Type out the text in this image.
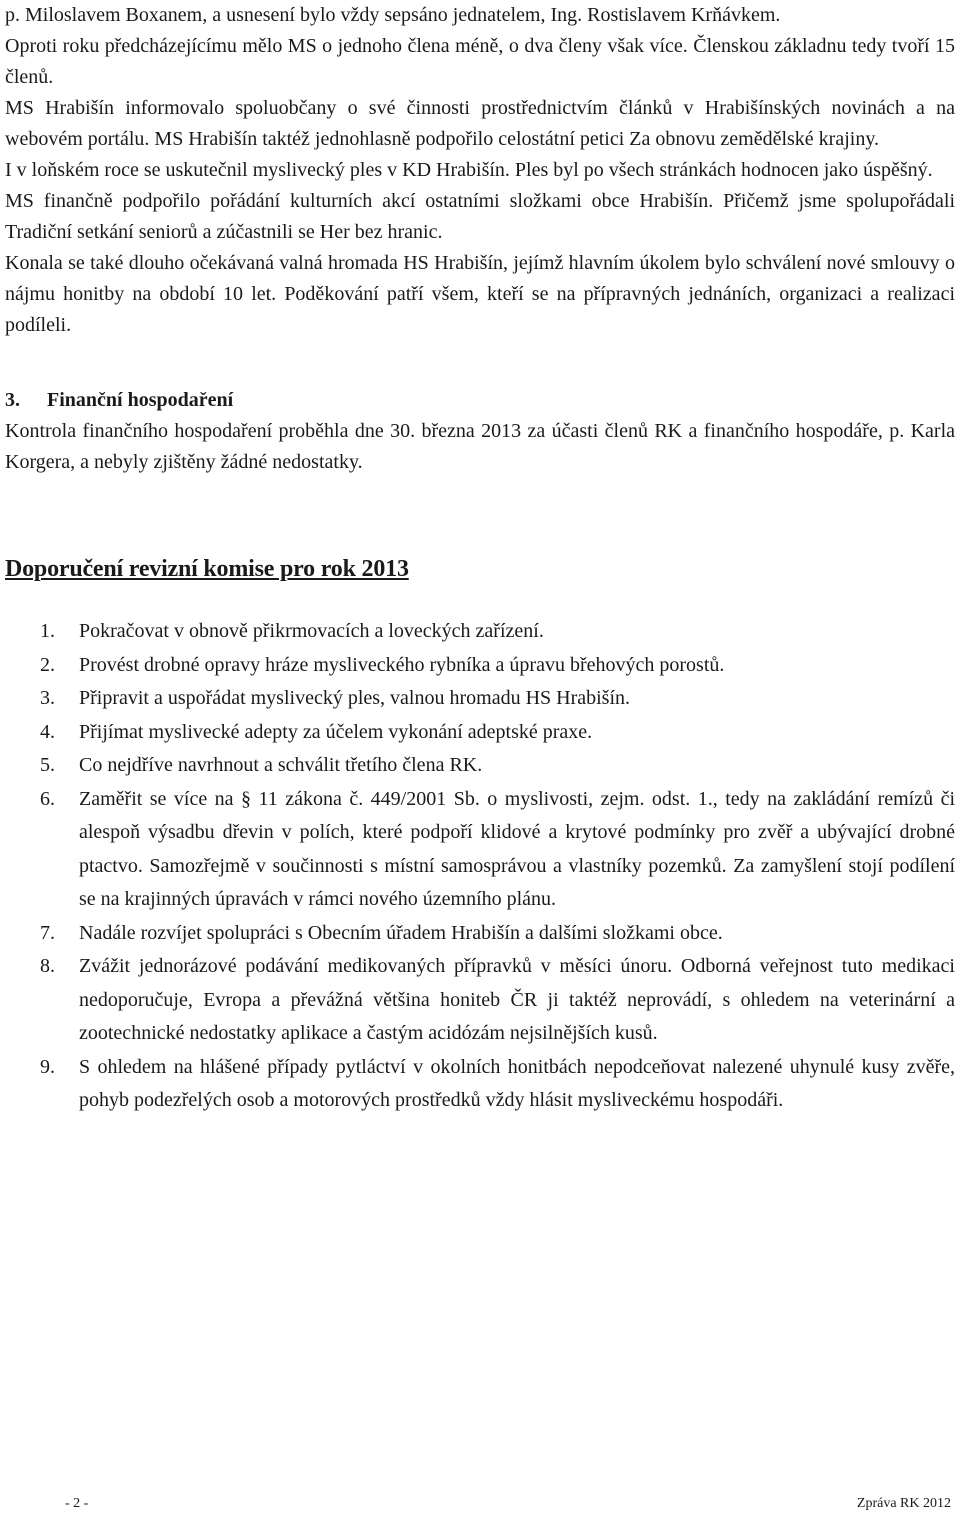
p. Miloslavem Boxanem, a usnesení bylo vždy sepsáno jednatelem, Ing. Rostislavem Krňávkem.

Oproti roku předcházejícímu mělo MS o jednoho člena méně, o dva členy však více. Členskou základnu tedy tvoří 15 členů.

MS Hrabišín informovalo spoluobčany o své činnosti prostřednictvím článků v Hrabišínských novinách a na webovém portálu. MS Hrabišín taktéž jednohlasně podpořilo celostátní petici Za obnovu zemědělské krajiny.

I v loňském roce se uskutečnil myslivecký ples v KD Hrabišín. Ples byl po všech stránkách hodnocen jako úspěšný.

MS finančně podpořilo pořádání kulturních akcí ostatními složkami obce Hrabišín. Přičemž jsme spolupořádali Tradiční setkání seniorů a zúčastnili se Her bez hranic.

Konala se také dlouho očekávaná valná hromada HS Hrabišín, jejímž hlavním úkolem bylo schválení nové smlouvy o nájmu honitby na období 10 let. Poděkování patří všem, kteří se na přípravných jednáních, organizaci a realizaci podíleli.

3. Finanční hospodaření

Kontrola finančního hospodaření proběhla dne 30. března 2013 za účasti členů RK a finančního hospodáře, p. Karla Korgera, a nebyly zjištěny žádné nedostatky.

Doporučení revizní komise pro rok 2013
1. Pokračovat v obnově přikrmovacích a loveckých zařízení.
2. Provést drobné opravy hráze mysliveckého rybníka a úpravu břehových porostů.
3. Připravit a uspořádat myslivecký ples, valnou hromadu HS Hrabišín.
4. Přijímat myslivecké adepty za účelem vykonání adeptské praxe.
5. Co nejdříve navrhnout a schválit třetího člena RK.
6. Zaměřit se více na § 11 zákona č. 449/2001 Sb. o myslivosti, zejm. odst. 1., tedy na zakládání remízů či alespoň výsadbu dřevin v polích, které podpoří klidové a krytové podmínky pro zvěř a ubývající drobné ptactvo. Samozřejmě v součinnosti s místní samosprávou a vlastníky pozemků. Za zamyšlení stojí podílení se na krajinných úpravách v rámci nového územního plánu.
7. Nadále rozvíjet spolupráci s Obecním úřadem Hrabišín a dalšími složkami obce.
8. Zvážit jednorázové podávání medikovaných přípravků v měsíci únoru. Odborná veřejnost tuto medikaci nedoporučuje, Evropa a převážná většina honiteb ČR ji taktéž neprovádí, s ohledem na veterinární a zootechnické nedostatky aplikace a častým acidózám nejsilnějších kusů.
9. S ohledem na hlášené případy pytláctví v okolních honitbách nepodceňovat nalezené uhynulé kusy zvěře, pohyb podezřelých osob a motorových prostředků vždy hlásit mysliveckému hospodáři.
- 2 -	Zpráva RK 2012
